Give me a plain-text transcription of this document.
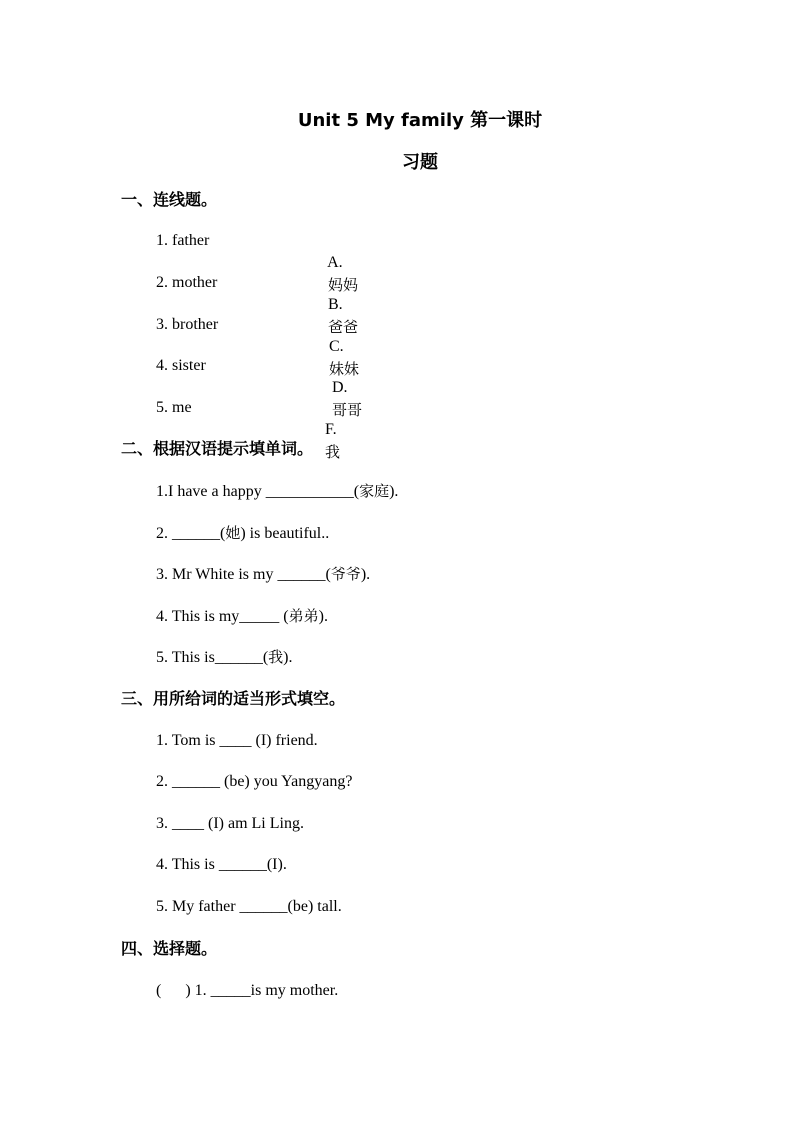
Unit 5 My family 第一课时
习题
一、连线题。

1. father

A.
妈妈

2. mother

B.
爸爸

3. brother

C.
妹妹

4. sister

D.
哥哥

5. me

F.
我

二、根据汉语提示填单词。
1.I have a happy ___________(家庭).
2. ______(她) is beautiful..
3. Mr White is my ______(爷爷).
4. This is my_____ (弟弟).
5. This is______(我).
三、用所给词的适当形式填空。
1. Tom is ____ (I) friend.
2. ______ (be) you Yangyang?
3. ____ (I) am Li Ling.
4. This is ______(I).
5. My father ______(be) tall.
四、选择题。
(      ) 1. _____is my mother.
